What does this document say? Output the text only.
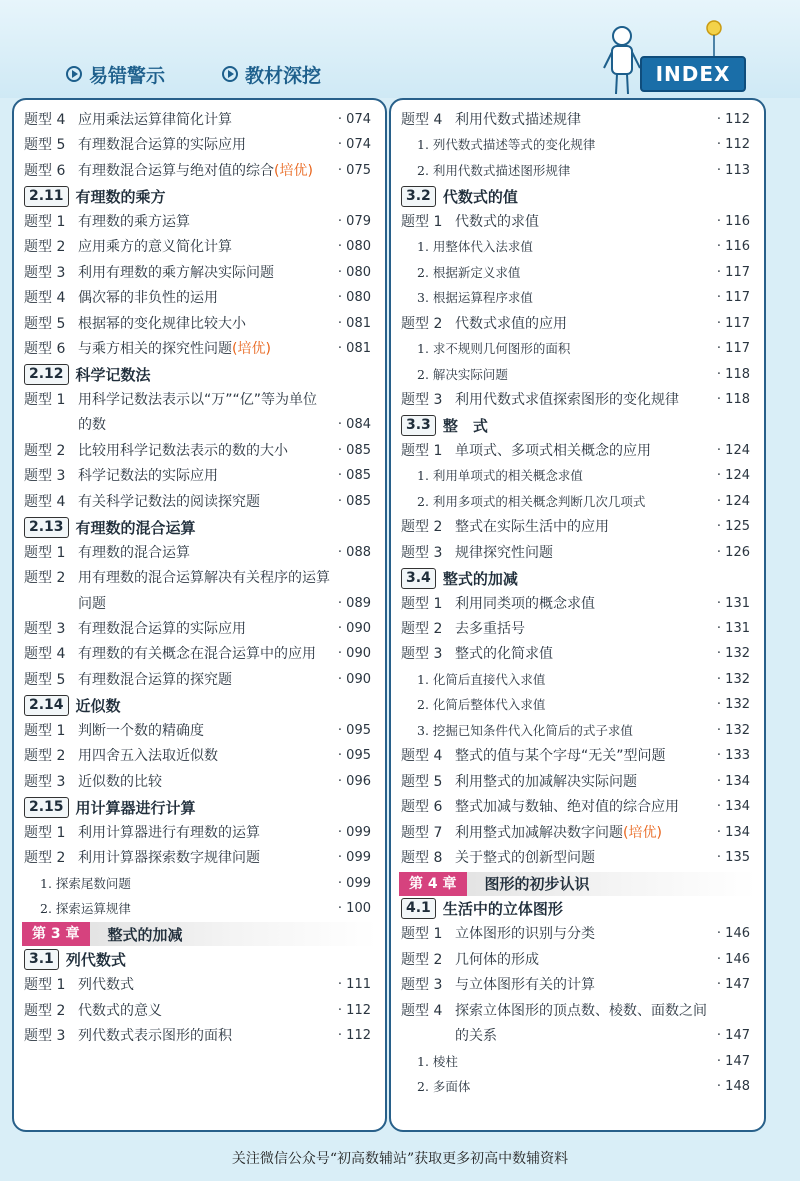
易错警示	教材深挖	INDEX
题型 4 应用乘法运算律简化计算	· 074
题型 5 有理数混合运算的实际应用	· 074
题型 6 有理数混合运算与绝对值的综合(培优) · 075
2.11 有理数的乘方
题型 1 有理数的乘方运算	· 079
题型 2 应用乘方的意义简化计算	· 080
题型 3 利用有理数的乘方解决实际问题	· 080
题型 4 偶次幂的非负性的运用	· 080
题型 5 根据幂的变化规律比较大小	· 081
题型 6 与乘方相关的探究性问题(培优)	· 081
2.12 科学记数法
题型 1 用科学记数法表示以“万”“亿”等为单位
的数	· 084
题型 2 比较用科学记数法表示的数的大小	· 085
题型 3 科学记数法的实际应用	· 085
题型 4 有关科学记数法的阅读探究题	· 085
2.13 有理数的混合运算
题型 1 有理数的混合运算	· 088
题型 2 用有理数的混合运算解决有关程序的运算
问题	· 089
题型 3 有理数混合运算的实际应用	· 090
题型 4 有理数的有关概念在混合运算中的应用 · 090
题型 5 有理数混合运算的探究题	· 090
2.14 近似数
题型 1 判断一个数的精确度	· 095
题型 2 用四舍五入法取近似数	· 095
题型 3 近似数的比较	· 096
2.15 用计算器进行计算
题型 1 利用计算器进行有理数的运算	· 099
题型 2 利用计算器探索数字规律问题	· 099
1. 探索尾数问题	· 099
2. 探索运算规律	· 100
第 3 章	整式的加减
3.1 列代数式
题型 1 列代数式	· 111
题型 2 代数式的意义	· 112
题型 3 列代数式表示图形的面积	· 112
题型 4 利用代数式描述规律	· 112
1. 列代数式描述等式的变化规律	· 112
2. 利用代数式描述图形规律	· 113
3.2 代数式的值
题型 1 代数式的求值	· 116
1. 用整体代入法求值	· 116
2. 根据新定义求值	· 117
3. 根据运算程序求值	· 117
题型 2 代数式求值的应用	· 117
1. 求不规则几何图形的面积	· 117
2. 解决实际问题	· 118
题型 3 利用代数式求值探索图形的变化规律	· 118
3.3 整　式
题型 1 单项式、多项式相关概念的应用	· 124
1. 利用单项式的相关概念求值	· 124
2. 利用多项式的相关概念判断几次几项式	· 124
题型 2 整式在实际生活中的应用	· 125
题型 3 规律探究性问题	· 126
3.4 整式的加减
题型 1 利用同类项的概念求值	· 131
题型 2 去多重括号	· 131
题型 3 整式的化简求值	· 132
1. 化简后直接代入求值	· 132
2. 化简后整体代入求值	· 132
3. 挖掘已知条件代入化简后的式子求值	· 132
题型 4 整式的值与某个字母“无关”型问题	· 133
题型 5 利用整式的加减解决实际问题	· 134
题型 6 整式加减与数轴、绝对值的综合应用	· 134
题型 7 利用整式加减解决数字问题(培优)	· 134
题型 8 关于整式的创新型问题	· 135
第 4 章	图形的初步认识
4.1 生活中的立体图形
题型 1 立体图形的识别与分类	· 146
题型 2 几何体的形成	· 146
题型 3 与立体图形有关的计算	· 147
题型 4 探索立体图形的顶点数、棱数、面数之间
的关系	· 147
1. 棱柱	· 147
2. 多面体	· 148
关注微信公众号“初高数辅站”获取更多初高中数辅资料
